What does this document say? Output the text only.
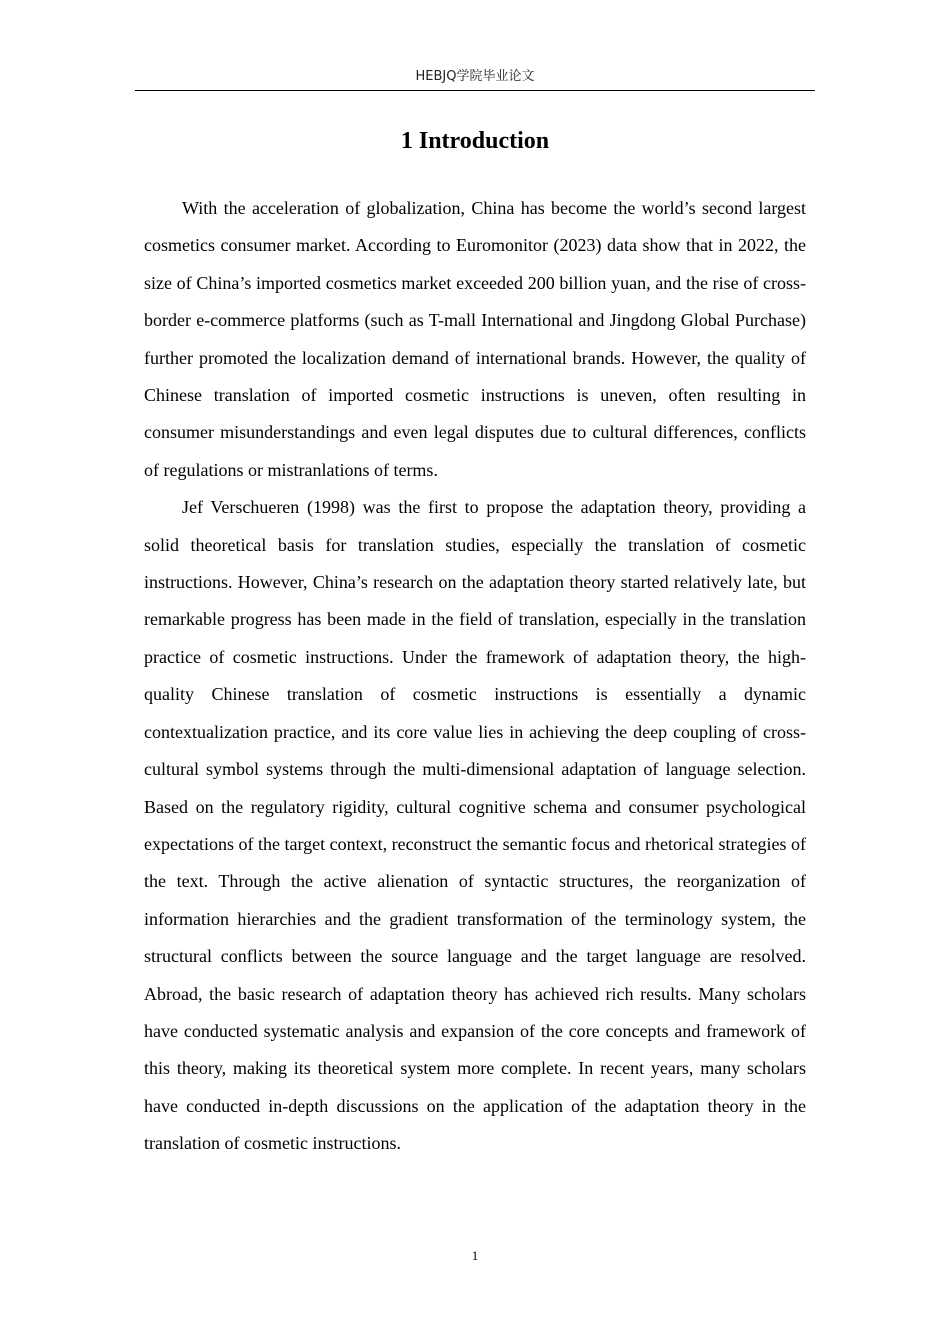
HEBJQ学院毕业论文
1 Introduction

With the acceleration of globalization, China has become the world’s second largest cosmetics consumer market. According to Euromonitor (2023) data show that in 2022, the size of China’s imported cosmetics market exceeded 200 billion yuan, and the rise of cross-border e-commerce platforms (such as T-mall International and Jingdong Global Purchase) further promoted the localization demand of international brands. However, the quality of Chinese translation of imported cosmetic instructions is uneven, often resulting in consumer misunderstandings and even legal disputes due to cultural differences, conflicts of regulations or mistranlations of terms.

Jef Verschueren (1998) was the first to propose the adaptation theory, providing a solid theoretical basis for translation studies, especially the translation of cosmetic instructions. However, China’s research on the adaptation theory started relatively late, but remarkable progress has been made in the field of translation, especially in the translation practice of cosmetic instructions. Under the framework of adaptation theory, the high-quality Chinese translation of cosmetic instructions is essentially a dynamic contextualization practice, and its core value lies in achieving the deep coupling of cross-cultural symbol systems through the multi-dimensional adaptation of language selection. Based on the regulatory rigidity, cultural cognitive schema and consumer psychological expectations of the target context, reconstruct the semantic focus and rhetorical strategies of the text. Through the active alienation of syntactic structures, the reorganization of information hierarchies and the gradient transformation of the terminology system, the structural conflicts between the source language and the target language are resolved. Abroad, the basic research of adaptation theory has achieved rich results. Many scholars have conducted systematic analysis and expansion of the core concepts and framework of this theory, making its theoretical system more complete. In recent years, many scholars have conducted in-depth discussions on the application of the adaptation theory in the translation of cosmetic instructions.

1
